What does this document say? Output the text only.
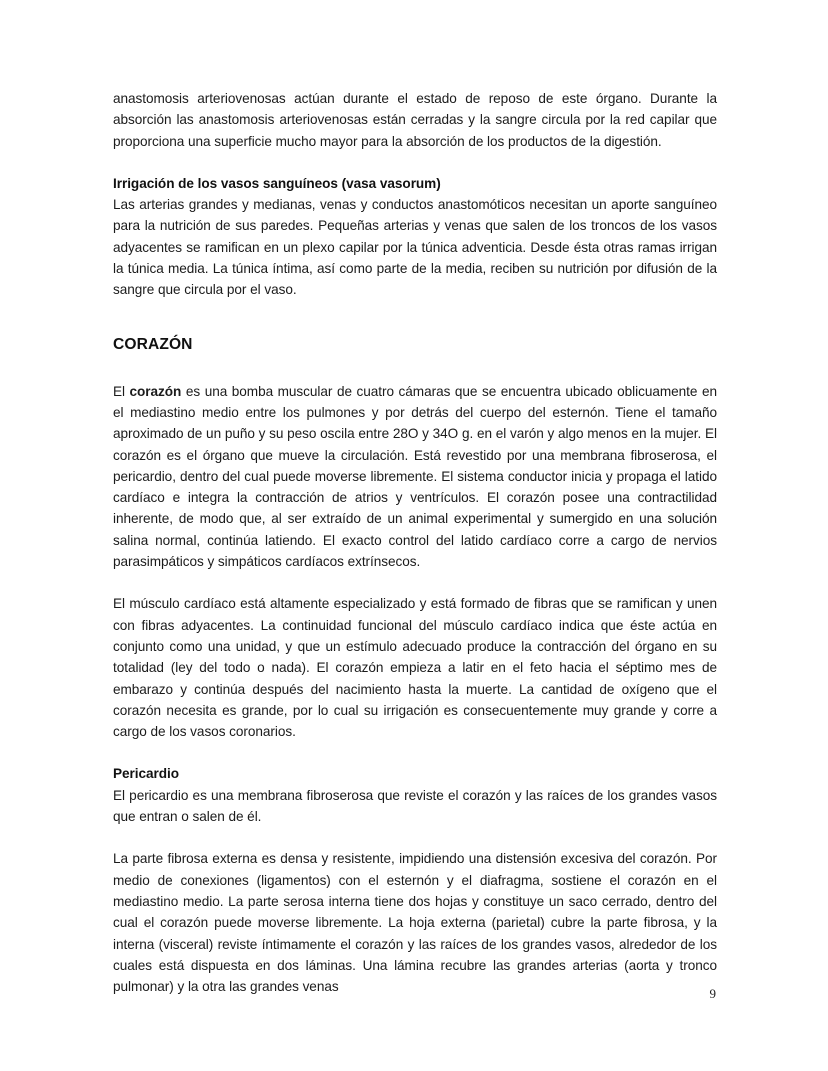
anastomosis arteriovenosas actúan durante el estado de reposo de este órgano. Durante la absorción las anastomosis arteriovenosas están cerradas y la sangre circula por la red capilar que proporciona una superficie mucho mayor para la absorción de los productos de la digestión.

Irrigación de los vasos sanguíneos (vasa vasorum)

Las arterias grandes y medianas, venas y conductos anastomóticos necesitan un aporte sanguíneo para la nutrición de sus paredes. Pequeñas arterias y venas que salen de los troncos de los vasos adyacentes se ramifican en un plexo capilar por la túnica adventicia. Desde ésta otras ramas irrigan la túnica media. La túnica íntima, así como parte de la media, reciben su nutrición por difusión de la sangre que circula por el vaso.

CORAZÓN

El corazón es una bomba muscular de cuatro cámaras que se encuentra ubicado oblicuamente en el mediastino medio entre los pulmones y por detrás del cuerpo del esternón. Tiene el tamaño aproximado de un puño y su peso oscila entre 28O y 34O g. en el varón y algo menos en la mujer. El corazón es el órgano que mueve la circulación. Está revestido por una membrana fibroserosa, el pericardio, dentro del cual puede moverse libremente. El sistema conductor inicia y propaga el latido cardíaco e integra la contracción de atrios y ventrículos. El corazón posee una contractilidad inherente, de modo que, al ser extraído de un animal experimental y sumergido en una solución salina normal, continúa latiendo. El exacto control del latido cardíaco corre a cargo de nervios parasimpáticos y simpáticos cardíacos extrínsecos.

El músculo cardíaco está altamente especializado y está formado de fibras que se ramifican y unen con fibras adyacentes. La continuidad funcional del músculo cardíaco indica que éste actúa en conjunto como una unidad, y que un estímulo adecuado produce la contracción del órgano en su totalidad (ley del todo o nada). El corazón empieza a latir en el feto hacia el séptimo mes de embarazo y continúa después del nacimiento hasta la muerte. La cantidad de oxígeno que el corazón necesita es grande, por lo cual su irrigación es consecuentemente muy grande y corre a cargo de los vasos coronarios.

Pericardio

El pericardio es una membrana fibroserosa que reviste el corazón y las raíces de los grandes vasos que entran o salen de él.

La parte fibrosa externa es densa y resistente, impidiendo una distensión excesiva del corazón. Por medio de conexiones (ligamentos) con el esternón y el diafragma, sostiene el corazón en el mediastino medio. La parte serosa interna tiene dos hojas y constituye un saco cerrado, dentro del cual el corazón puede moverse libremente. La hoja externa (parietal) cubre la parte fibrosa, y la interna (visceral) reviste íntimamente el corazón y las raíces de los grandes vasos, alrededor de los cuales está dispuesta en dos láminas. Una lámina recubre las grandes arterias (aorta y tronco pulmonar) y la otra las grandes venas	9
